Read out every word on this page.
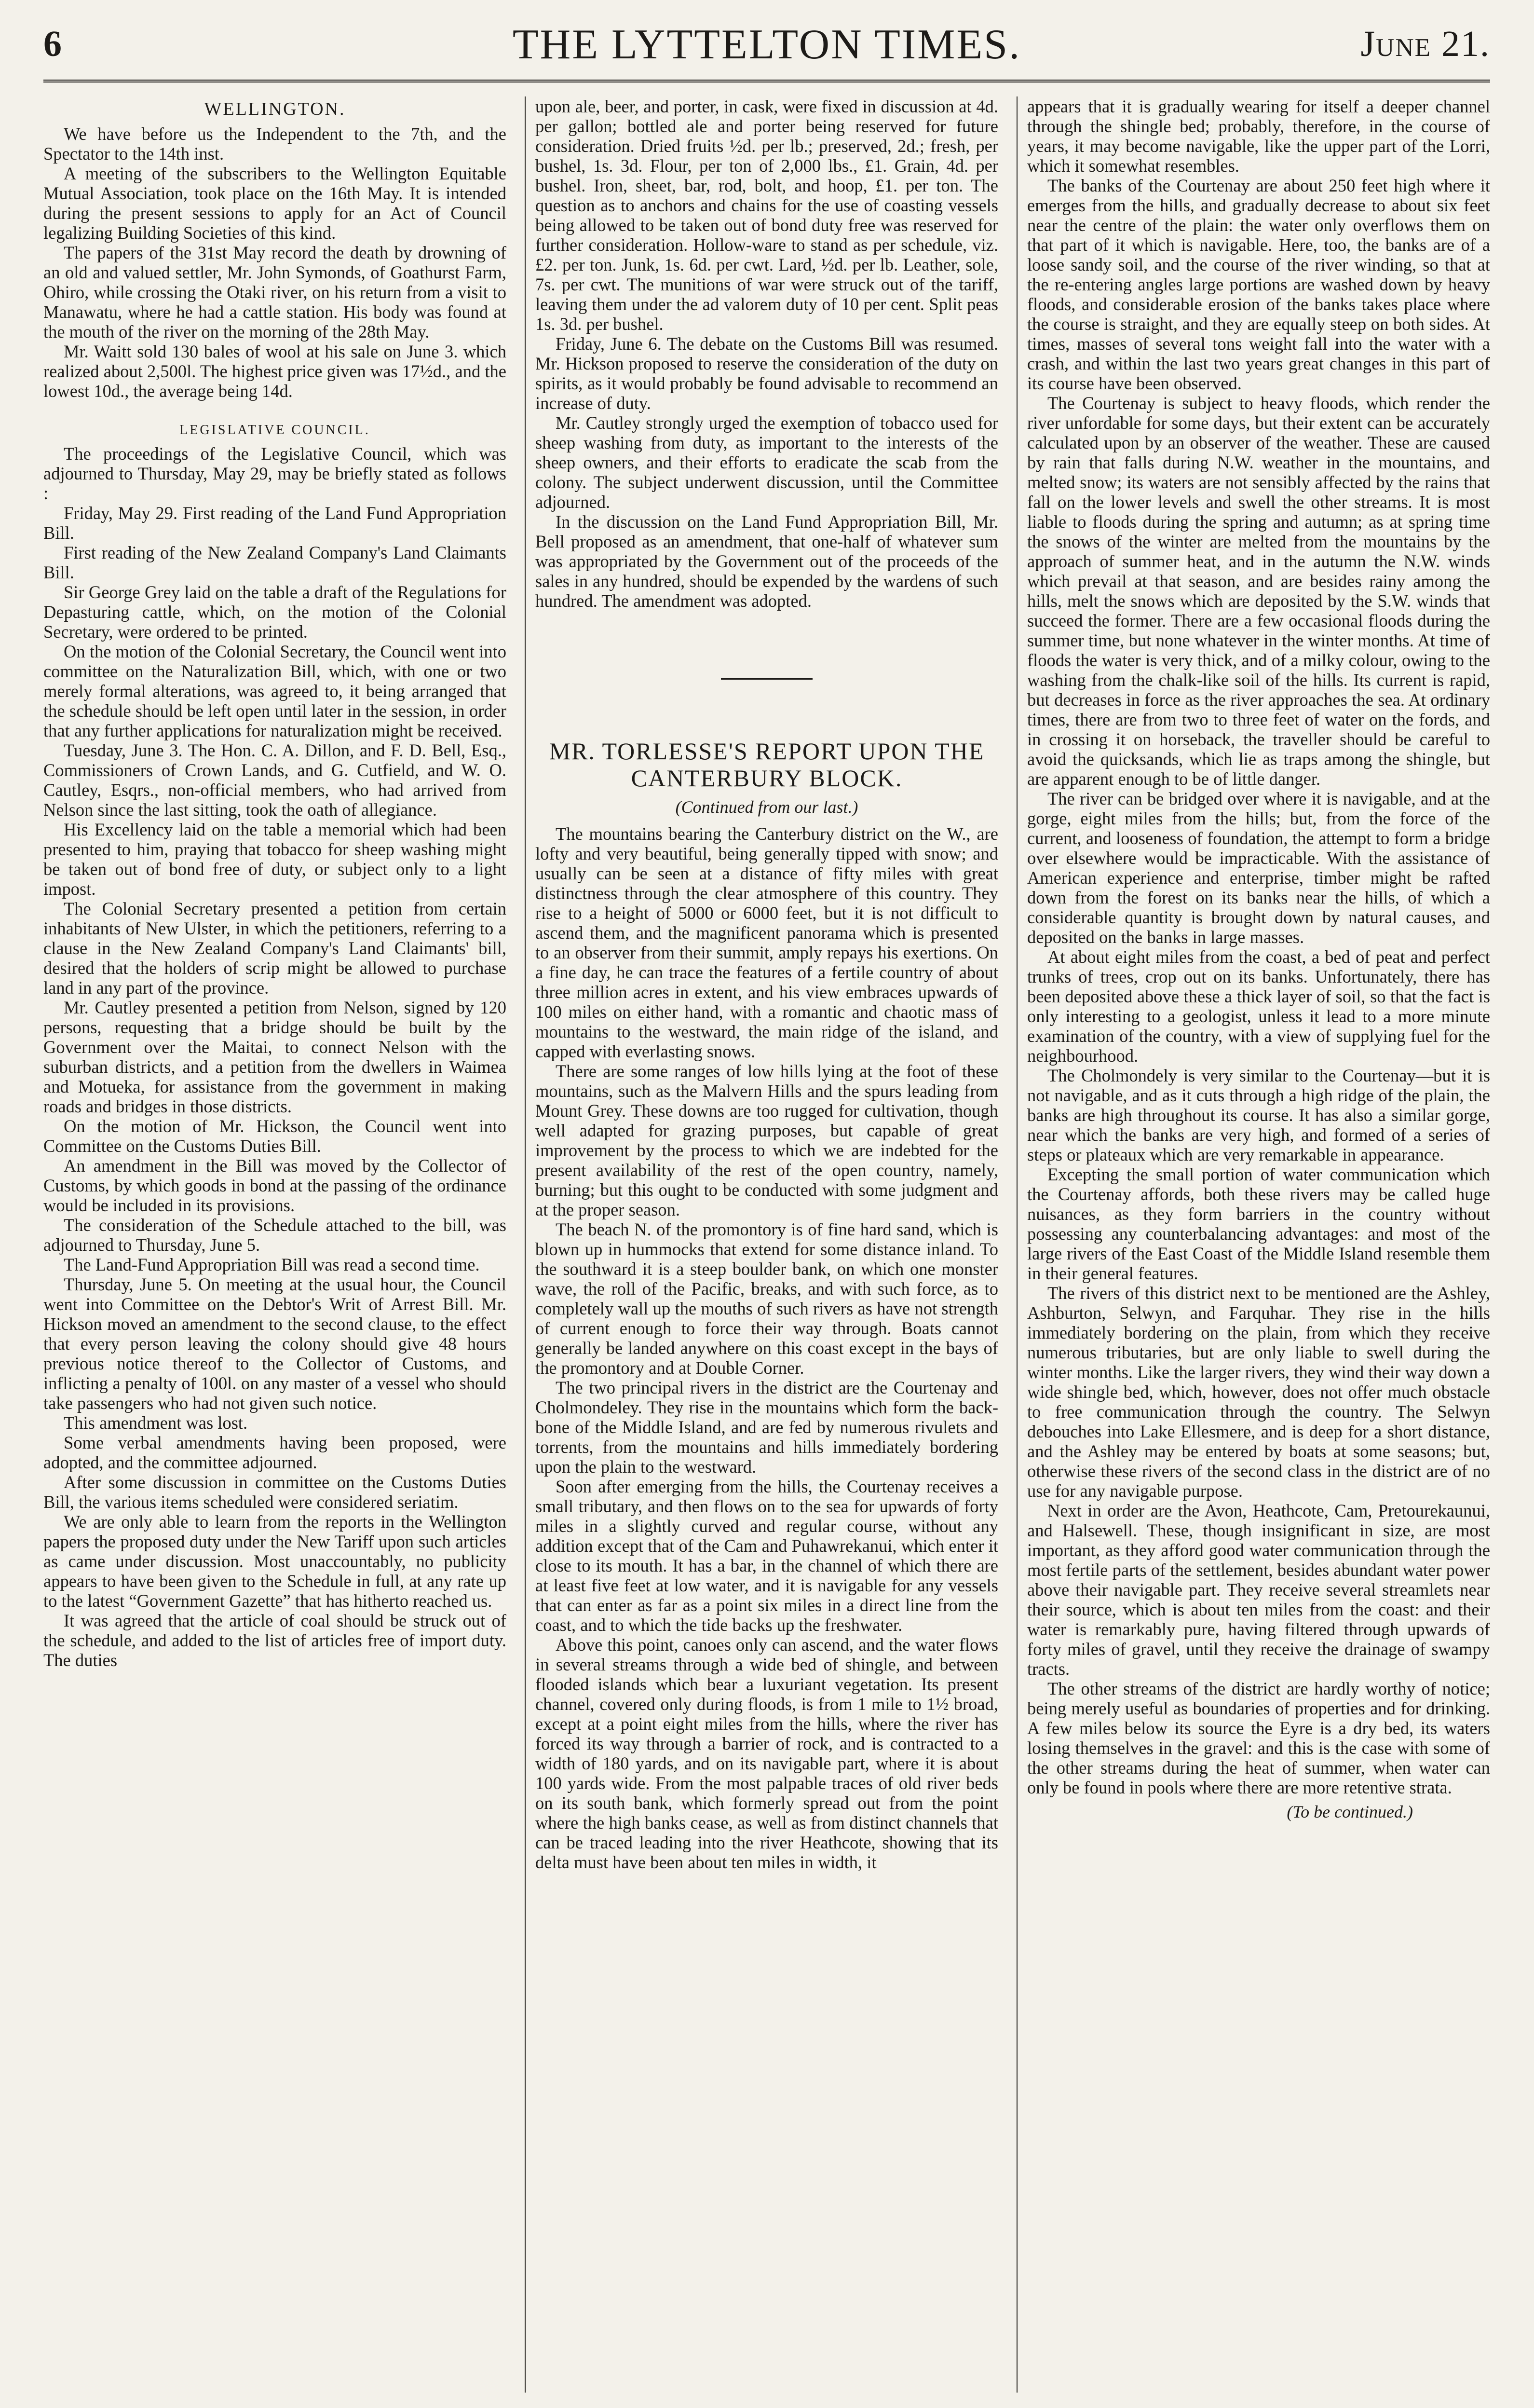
6	THE LYTTELTON TIMES.	June 21.
WELLINGTON.

We have before us the Independent to the 7th, and the Spectator to the 14th inst.

A meeting of the subscribers to the Wellington Equitable Mutual Association, took place on the 16th May. It is intended during the present sessions to apply for an Act of Council legalizing Building Societies of this kind.

The papers of the 31st May record the death by drowning of an old and valued settler, Mr. John Symonds, of Goathurst Farm, Ohiro, while crossing the Otaki river, on his return from a visit to Manawatu, where he had a cattle station. His body was found at the mouth of the river on the morning of the 28th May.

Mr. Waitt sold 130 bales of wool at his sale on June 3. which realized about 2,500l. The highest price given was 17½d., and the lowest 10d., the average being 14d.

LEGISLATIVE COUNCIL.

The proceedings of the Legislative Council, which was adjourned to Thursday, May 29, may be briefly stated as follows :

Friday, May 29. First reading of the Land Fund Appropriation Bill.

First reading of the New Zealand Company's Land Claimants Bill.

Sir George Grey laid on the table a draft of the Regulations for Depasturing cattle, which, on the motion of the Colonial Secretary, were ordered to be printed.

On the motion of the Colonial Secretary, the Council went into committee on the Naturalization Bill, which, with one or two merely formal alterations, was agreed to, it being arranged that the schedule should be left open until later in the session, in order that any further applications for naturalization might be received.

Tuesday, June 3. The Hon. C. A. Dillon, and F. D. Bell, Esq., Commissioners of Crown Lands, and G. Cutfield, and W. O. Cautley, Esqrs., non-official members, who had arrived from Nelson since the last sitting, took the oath of allegiance.

His Excellency laid on the table a memorial which had been presented to him, praying that tobacco for sheep washing might be taken out of bond free of duty, or subject only to a light impost.

The Colonial Secretary presented a petition from certain inhabitants of New Ulster, in which the petitioners, referring to a clause in the New Zealand Company's Land Claimants' bill, desired that the holders of scrip might be allowed to purchase land in any part of the province.

Mr. Cautley presented a petition from Nelson, signed by 120 persons, requesting that a bridge should be built by the Government over the Maitai, to connect Nelson with the suburban districts, and a petition from the dwellers in Waimea and Motueka, for assistance from the government in making roads and bridges in those districts.

On the motion of Mr. Hickson, the Council went into Committee on the Customs Duties Bill.

An amendment in the Bill was moved by the Collector of Customs, by which goods in bond at the passing of the ordinance would be included in its provisions.

The consideration of the Schedule attached to the bill, was adjourned to Thursday, June 5.

The Land-Fund Appropriation Bill was read a second time.

Thursday, June 5. On meeting at the usual hour, the Council went into Committee on the Debtor's Writ of Arrest Bill. Mr. Hickson moved an amendment to the second clause, to the effect that every person leaving the colony should give 48 hours previous notice thereof to the Collector of Customs, and inflicting a penalty of 100l. on any master of a vessel who should take passengers who had not given such notice.

This amendment was lost.

Some verbal amendments having been proposed, were adopted, and the committee adjourned.

After some discussion in committee on the Customs Duties Bill, the various items scheduled were considered seriatim.

We are only able to learn from the reports in the Wellington papers the proposed duty under the New Tariff upon such articles as came under discussion. Most unaccountably, no publicity appears to have been given to the Schedule in full, at any rate up to the latest “Government Gazette” that has hitherto reached us.

It was agreed that the article of coal should be struck out of the schedule, and added to the list of articles free of import duty. The duties

upon ale, beer, and porter, in cask, were fixed in discussion at 4d. per gallon; bottled ale and porter being reserved for future consideration. Dried fruits ½d. per lb.; preserved, 2d.; fresh, per bushel, 1s. 3d. Flour, per ton of 2,000 lbs., £1. Grain, 4d. per bushel. Iron, sheet, bar, rod, bolt, and hoop, £1. per ton. The question as to anchors and chains for the use of coasting vessels being allowed to be taken out of bond duty free was reserved for further consideration. Hollow-ware to stand as per schedule, viz. £2. per ton. Junk, 1s. 6d. per cwt. Lard, ½d. per lb. Leather, sole, 7s. per cwt. The munitions of war were struck out of the tariff, leaving them under the ad valorem duty of 10 per cent. Split peas 1s. 3d. per bushel.

Friday, June 6. The debate on the Customs Bill was resumed. Mr. Hickson proposed to reserve the consideration of the duty on spirits, as it would probably be found advisable to recommend an increase of duty.

Mr. Cautley strongly urged the exemption of tobacco used for sheep washing from duty, as important to the interests of the sheep owners, and their efforts to eradicate the scab from the colony. The subject underwent discussion, until the Committee adjourned.

In the discussion on the Land Fund Appropriation Bill, Mr. Bell proposed as an amendment, that one-half of whatever sum was appropriated by the Government out of the proceeds of the sales in any hundred, should be expended by the wardens of such hundred. The amendment was adopted.

MR. TORLESSE'S REPORT UPON THE CANTERBURY BLOCK.
(Continued from our last.)

The mountains bearing the Canterbury district on the W., are lofty and very beautiful, being generally tipped with snow; and usually can be seen at a distance of fifty miles with great distinctness through the clear atmosphere of this country. They rise to a height of 5000 or 6000 feet, but it is not difficult to ascend them, and the magnificent panorama which is presented to an observer from their summit, amply repays his exertions. On a fine day, he can trace the features of a fertile country of about three million acres in extent, and his view embraces upwards of 100 miles on either hand, with a romantic and chaotic mass of mountains to the westward, the main ridge of the island, and capped with everlasting snows.

There are some ranges of low hills lying at the foot of these mountains, such as the Malvern Hills and the spurs leading from Mount Grey. These downs are too rugged for cultivation, though well adapted for grazing purposes, but capable of great improvement by the process to which we are indebted for the present availability of the rest of the open country, namely, burning; but this ought to be conducted with some judgment and at the proper season.

The beach N. of the promontory is of fine hard sand, which is blown up in hummocks that extend for some distance inland. To the southward it is a steep boulder bank, on which one monster wave, the roll of the Pacific, breaks, and with such force, as to completely wall up the mouths of such rivers as have not strength of current enough to force their way through. Boats cannot generally be landed anywhere on this coast except in the bays of the promontory and at Double Corner.

The two principal rivers in the district are the Courtenay and Cholmondeley. They rise in the mountains which form the back-bone of the Middle Island, and are fed by numerous rivulets and torrents, from the mountains and hills immediately bordering upon the plain to the westward.

Soon after emerging from the hills, the Courtenay receives a small tributary, and then flows on to the sea for upwards of forty miles in a slightly curved and regular course, without any addition except that of the Cam and Puhawrekanui, which enter it close to its mouth. It has a bar, in the channel of which there are at least five feet at low water, and it is navigable for any vessels that can enter as far as a point six miles in a direct line from the coast, and to which the tide backs up the freshwater.

Above this point, canoes only can ascend, and the water flows in several streams through a wide bed of shingle, and between flooded islands which bear a luxuriant vegetation. Its present channel, covered only during floods, is from 1 mile to 1½ broad, except at a point eight miles from the hills, where the river has forced its way through a barrier of rock, and is contracted to a width of 180 yards, and on its navigable part, where it is about 100 yards wide. From the most palpable traces of old river beds on its south bank, which formerly spread out from the point where the high banks cease, as well as from distinct channels that can be traced leading into the river Heathcote, showing that its delta must have been about ten miles in width, it

appears that it is gradually wearing for itself a deeper channel through the shingle bed; probably, therefore, in the course of years, it may become navigable, like the upper part of the Lorri, which it somewhat resembles.

The banks of the Courtenay are about 250 feet high where it emerges from the hills, and gradually decrease to about six feet near the centre of the plain: the water only overflows them on that part of it which is navigable. Here, too, the banks are of a loose sandy soil, and the course of the river winding, so that at the re-entering angles large portions are washed down by heavy floods, and considerable erosion of the banks takes place where the course is straight, and they are equally steep on both sides. At times, masses of several tons weight fall into the water with a crash, and within the last two years great changes in this part of its course have been observed.

The Courtenay is subject to heavy floods, which render the river unfordable for some days, but their extent can be accurately calculated upon by an observer of the weather. These are caused by rain that falls during N.W. weather in the mountains, and melted snow; its waters are not sensibly affected by the rains that fall on the lower levels and swell the other streams. It is most liable to floods during the spring and autumn; as at spring time the snows of the winter are melted from the mountains by the approach of summer heat, and in the autumn the N.W. winds which prevail at that season, and are besides rainy among the hills, melt the snows which are deposited by the S.W. winds that succeed the former. There are a few occasional floods during the summer time, but none whatever in the winter months. At time of floods the water is very thick, and of a milky colour, owing to the washing from the chalk-like soil of the hills. Its current is rapid, but decreases in force as the river approaches the sea. At ordinary times, there are from two to three feet of water on the fords, and in crossing it on horseback, the traveller should be careful to avoid the quicksands, which lie as traps among the shingle, but are apparent enough to be of little danger.

The river can be bridged over where it is navigable, and at the gorge, eight miles from the hills; but, from the force of the current, and looseness of foundation, the attempt to form a bridge over elsewhere would be impracticable. With the assistance of American experience and enterprise, timber might be rafted down from the forest on its banks near the hills, of which a considerable quantity is brought down by natural causes, and deposited on the banks in large masses.

At about eight miles from the coast, a bed of peat and perfect trunks of trees, crop out on its banks. Unfortunately, there has been deposited above these a thick layer of soil, so that the fact is only interesting to a geologist, unless it lead to a more minute examination of the country, with a view of supplying fuel for the neighbourhood.

The Cholmondely is very similar to the Courtenay—but it is not navigable, and as it cuts through a high ridge of the plain, the banks are high throughout its course. It has also a similar gorge, near which the banks are very high, and formed of a series of steps or plateaux which are very remarkable in appearance.

Excepting the small portion of water communication which the Courtenay affords, both these rivers may be called huge nuisances, as they form barriers in the country without possessing any counterbalancing advantages: and most of the large rivers of the East Coast of the Middle Island resemble them in their general features.

The rivers of this district next to be mentioned are the Ashley, Ashburton, Selwyn, and Farquhar. They rise in the hills immediately bordering on the plain, from which they receive numerous tributaries, but are only liable to swell during the winter months. Like the larger rivers, they wind their way down a wide shingle bed, which, however, does not offer much obstacle to free communication through the country. The Selwyn debouches into Lake Ellesmere, and is deep for a short distance, and the Ashley may be entered by boats at some seasons; but, otherwise these rivers of the second class in the district are of no use for any navigable purpose.

Next in order are the Avon, Heathcote, Cam, Pretourekaunui, and Halsewell. These, though insignificant in size, are most important, as they afford good water communication through the most fertile parts of the settlement, besides abundant water power above their navigable part. They receive several streamlets near their source, which is about ten miles from the coast: and their water is remarkably pure, having filtered through upwards of forty miles of gravel, until they receive the drainage of swampy tracts.

The other streams of the district are hardly worthy of notice; being merely useful as boundaries of properties and for drinking. A few miles below its source the Eyre is a dry bed, its waters losing themselves in the gravel: and this is the case with some of the other streams during the heat of summer, when water can only be found in pools where there are more retentive strata.

(To be continued.)
